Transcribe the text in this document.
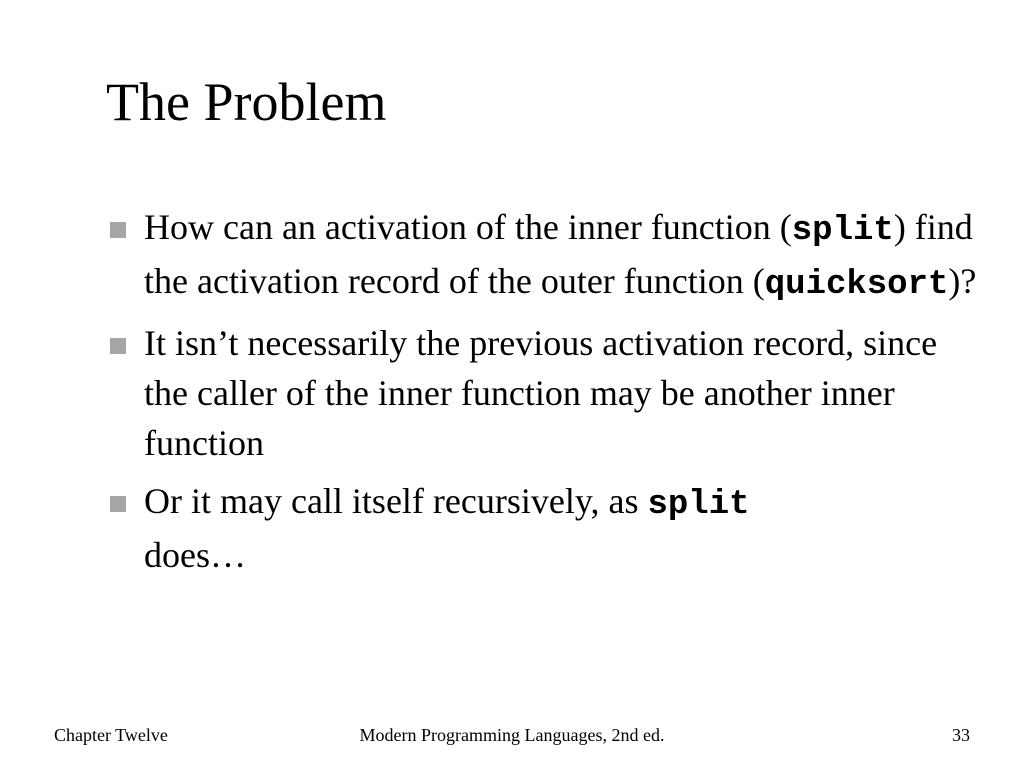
The Problem
How can an activation of the inner function (split) find the activation record of the outer function (quicksort)?
It isn’t necessarily the previous activation record, since the caller of the inner function may be another inner function
Or it may call itself recursively, as split
does…
Chapter Twelve	Modern Programming Languages, 2nd ed.	33
